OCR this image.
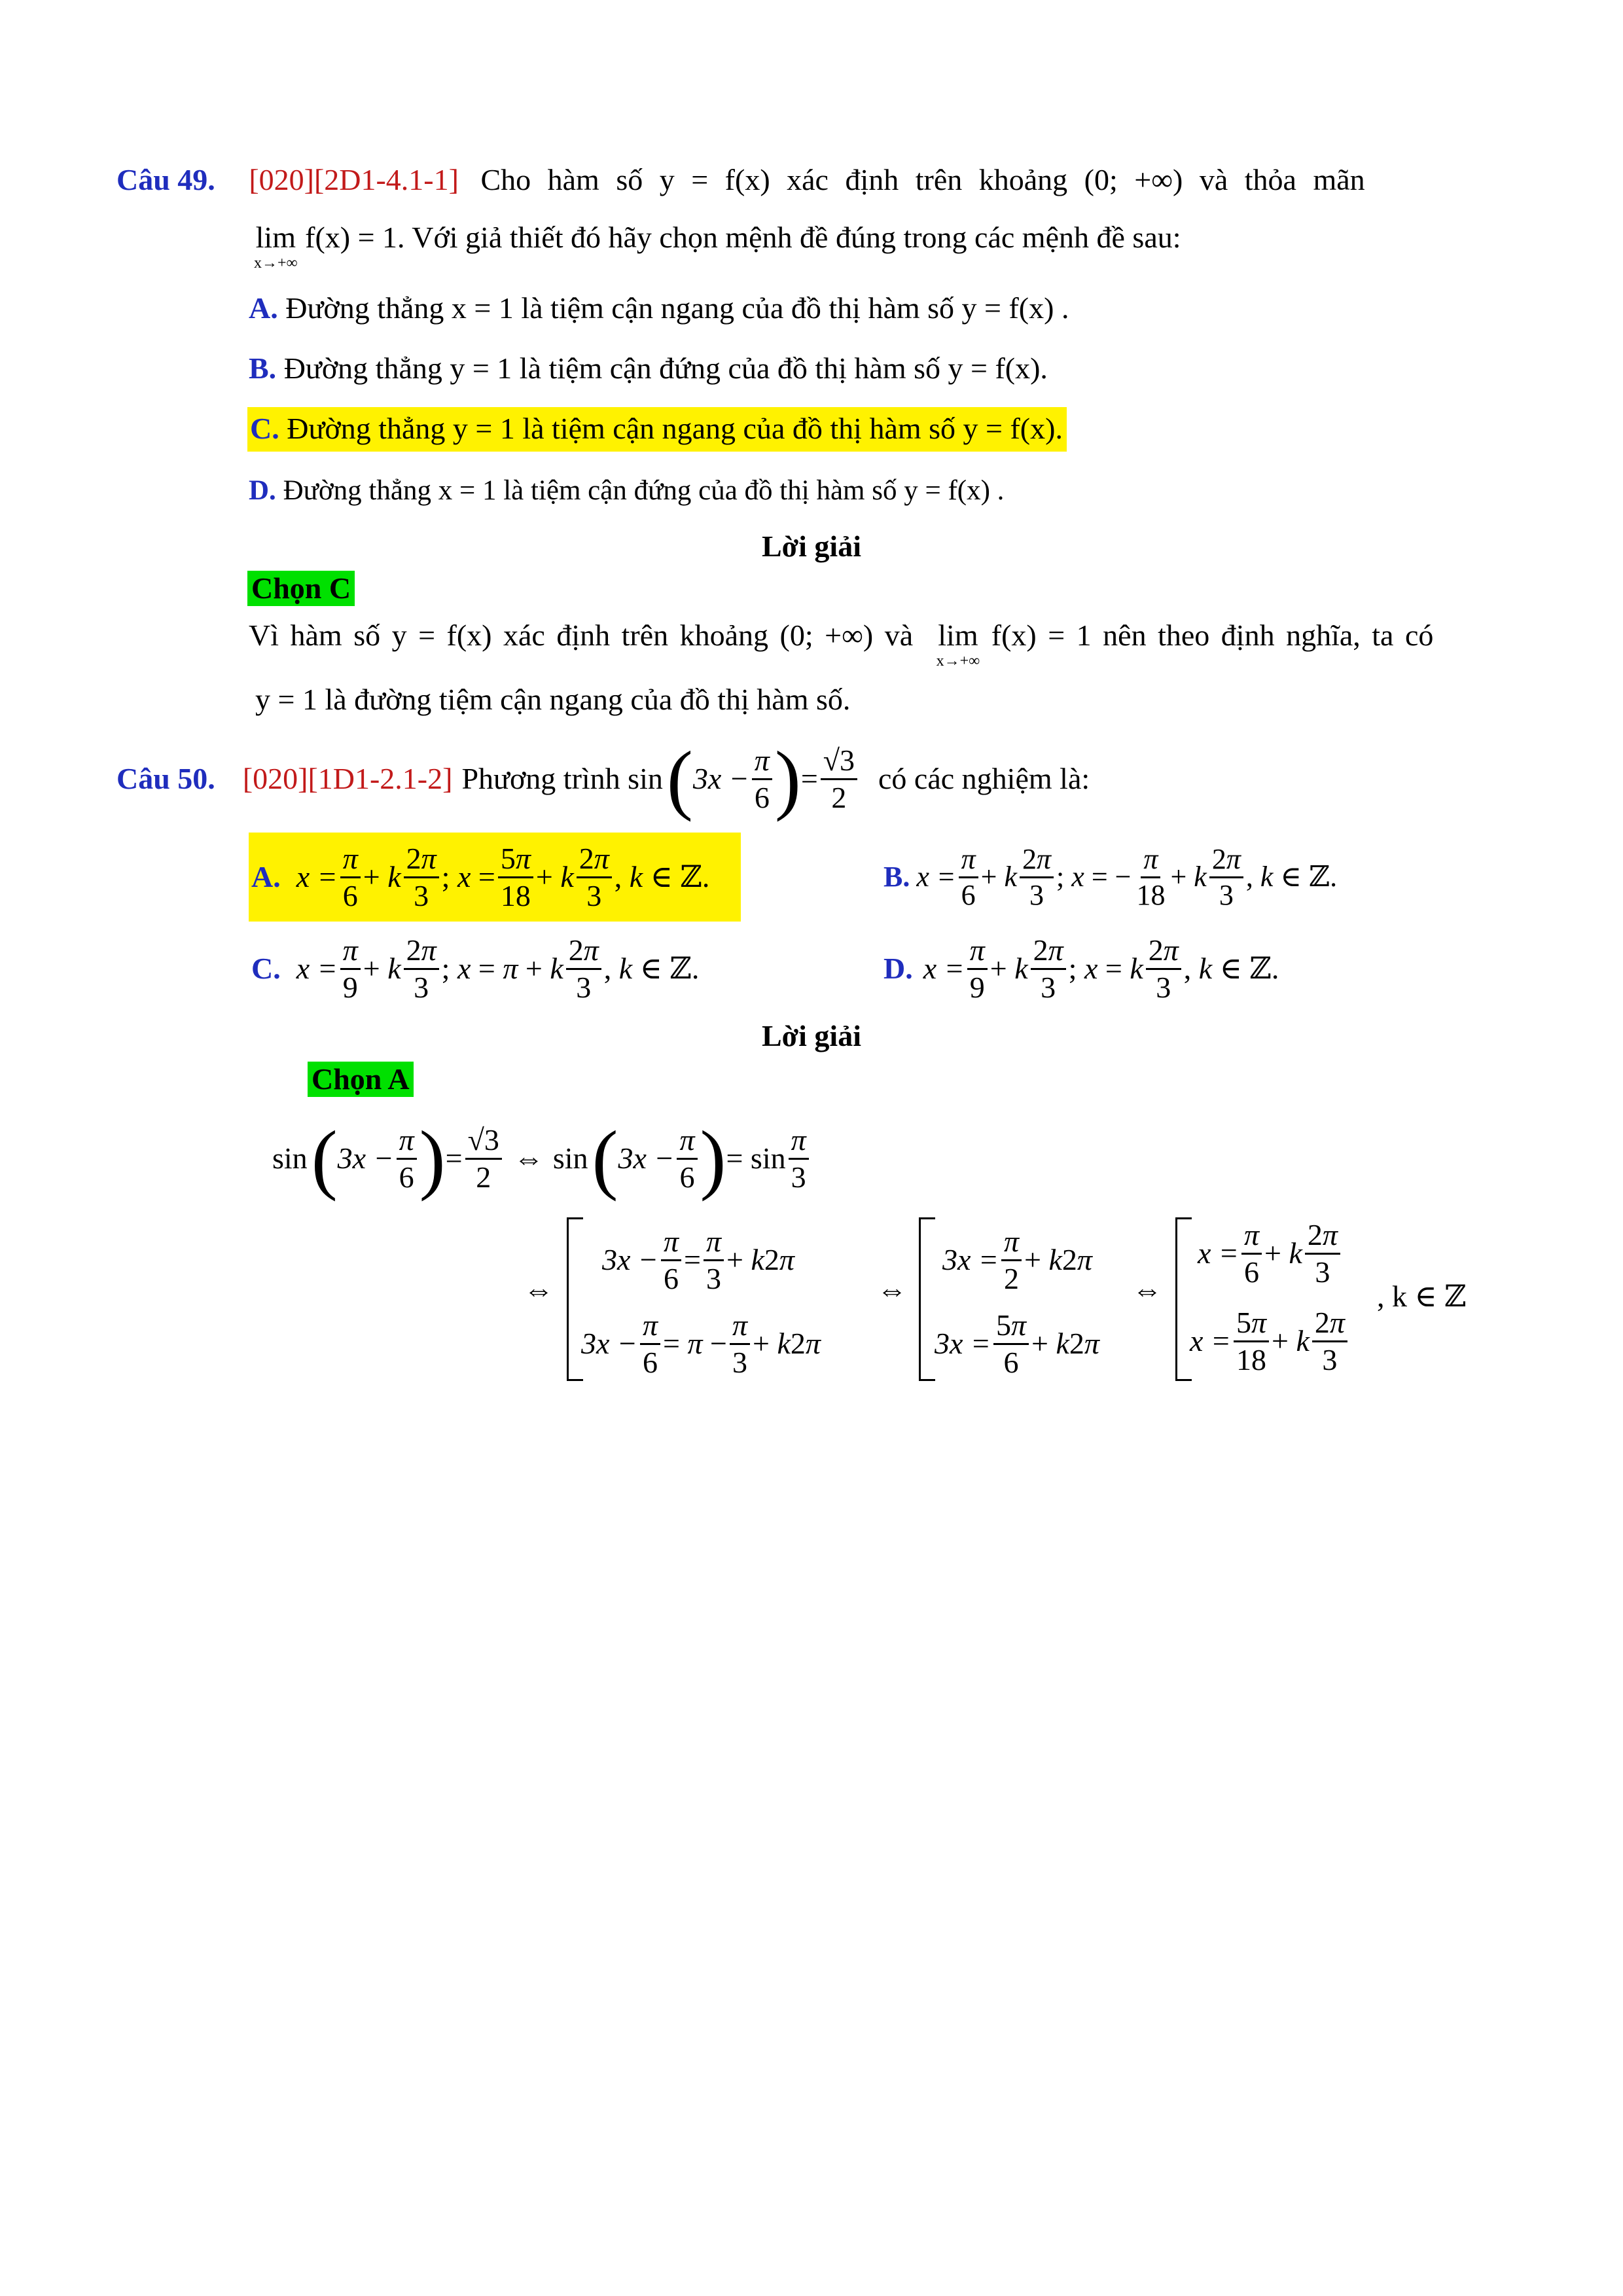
Câu 49. [020][2D1-4.1-1] Cho hàm số y = f(x) xác định trên khoảng (0; +∞) và thỏa mãn
lim
x→+∞
f(x) = 1. Với giả thiết đó hãy chọn mệnh đề đúng trong các mệnh đề sau:
A. Đường thẳng x = 1 là tiệm cận ngang của đồ thị hàm số y = f(x) .
B. Đường thẳng y = 1 là tiệm cận đứng của đồ thị hàm số y = f(x).
C. Đường thẳng y = 1 là tiệm cận ngang của đồ thị hàm số y = f(x).
D. Đường thẳng x = 1 là tiệm cận đứng của đồ thị hàm số y = f(x) .
Lời giải
Chọn C
Vì hàm số y = f(x) xác định trên khoảng (0; +∞) và lim
x→+∞
f(x) = 1 nên theo định nghĩa, ta có
y = 1 là đường tiệm cận ngang của đồ thị hàm số.
Câu 50. [020][1D1-2.1-2] Phương trình sin ( $3x - \frac{\pi}{6}$ ) = $\frac{√3}{2}$ có các nghiệm là:
A. $x = \frac{\pi}{6} + k \frac{2\pi}{3}$ ; $x = \frac{5\pi}{18} + k \frac{2\pi}{3}$ , k ∈ ℤ.	B. $x = \frac{\pi}{6} + k \frac{2\pi}{3}$ ; x = − $\frac{\pi}{18} + k \frac{2\pi}{3}$ , k ∈ ℤ.
C. $x = \frac{\pi}{9} + k \frac{2\pi}{3}$ ; x = π + k $\frac{2\pi}{3}$ , k ∈ ℤ.	D. $x = \frac{\pi}{9} + k \frac{2\pi}{3}$ ; x = k $\frac{2\pi}{3}$ , k ∈ ℤ.
Lời giải
Chọn A
sin ( $3x - \frac{\pi}{6}$ ) = $\frac{√3}{2}$ ⇔ sin ( $3x - \frac{\pi}{6}$ ) = $\sin \frac{\pi}{3}$
⇔
$3x - \frac{\pi}{6} = \frac{\pi}{3} + k2\pi$
$3x - \frac{\pi}{6} = \pi - \frac{\pi}{3} + k2\pi$
⇔
$3x = \frac{\pi}{2} + k2\pi$
$3x = \frac{5\pi}{6} + k2\pi$
⇔
$x = \frac{\pi}{6} + k \frac{2\pi}{3}$
$x = \frac{5\pi}{18} + k \frac{2\pi}{3}$
, k ∈ ℤ
